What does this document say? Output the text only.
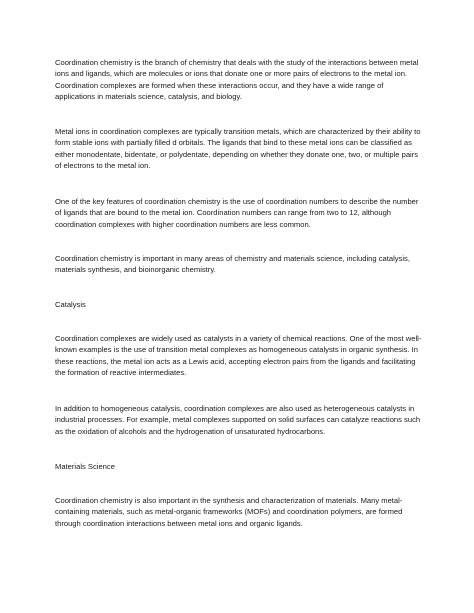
Coordination chemistry is the branch of chemistry that deals with the study of the interactions between metal ions and ligands, which are molecules or ions that donate one or more pairs of electrons to the metal ion. Coordination complexes are formed when these interactions occur, and they have a wide range of applications in materials science, catalysis, and biology.

Metal ions in coordination complexes are typically transition metals, which are characterized by their ability to form stable ions with partially filled d orbitals. The ligands that bind to these metal ions can be classified as either monodentate, bidentate, or polydentate, depending on whether they donate one, two, or multiple pairs of electrons to the metal ion.

One of the key features of coordination chemistry is the use of coordination numbers to describe the number of ligands that are bound to the metal ion. Coordination numbers can range from two to 12, although coordination complexes with higher coordination numbers are less common.

Coordination chemistry is important in many areas of chemistry and materials science, including catalysis, materials synthesis, and bioinorganic chemistry.

Catalysis

Coordination complexes are widely used as catalysts in a variety of chemical reactions. One of the most well-known examples is the use of transition metal complexes as homogeneous catalysts in organic synthesis. In these reactions, the metal ion acts as a Lewis acid, accepting electron pairs from the ligands and facilitating the formation of reactive intermediates.

In addition to homogeneous catalysis, coordination complexes are also used as heterogeneous catalysts in industrial processes. For example, metal complexes supported on solid surfaces can catalyze reactions such as the oxidation of alcohols and the hydrogenation of unsaturated hydrocarbons.

Materials Science

Coordination chemistry is also important in the synthesis and characterization of materials. Many metal-containing materials, such as metal-organic frameworks (MOFs) and coordination polymers, are formed through coordination interactions between metal ions and organic ligands.
